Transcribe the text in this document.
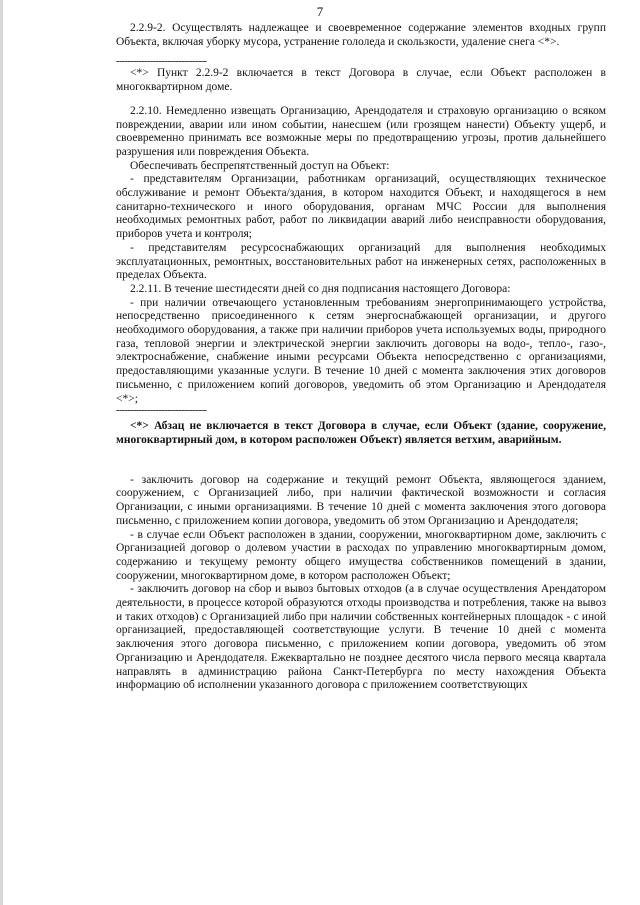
7

2.2.9-2. Осуществлять надлежащее и своевременное содержание элементов входных групп Объекта, включая уборку мусора, устранение гололеда и скользкости, удаление снега <*>.

--------------------------------

<*> Пункт 2.2.9-2 включается в текст Договора в случае, если Объект расположен в многоквартирном доме.

2.2.10. Немедленно извещать Организацию, Арендодателя и страховую организацию о всяком повреждении, аварии или ином событии, нанесшем (или грозящем нанести) Объекту ущерб, и своевременно принимать все возможные меры по предотвращению угрозы, против дальнейшего разрушения или повреждения Объекта.

Обеспечивать беспрепятственный доступ на Объект:

- представителям Организации, работникам организаций, осуществляющих техническое обслуживание и ремонт Объекта/здания, в котором находится Объект, и находящегося в нем санитарно-технического и иного оборудования, органам МЧС России для выполнения необходимых ремонтных работ, работ по ликвидации аварий либо неисправности оборудования, приборов учета и контроля;

- представителям ресурсоснабжающих организаций для выполнения необходимых эксплуатационных, ремонтных, восстановительных работ на инженерных сетях, расположенных в пределах Объекта.

2.2.11. В течение шестидесяти дней со дня подписания настоящего Договора:

- при наличии отвечающего установленным требованиям энергопринимающего устройства, непосредственно присоединенного к сетям энергоснабжающей организации, и другого необходимого оборудования, а также при наличии приборов учета используемых воды, природного газа, тепловой энергии и электрической энергии заключить договоры на водо-, тепло-, газо-, электроснабжение, снабжение иными ресурсами Объекта непосредственно с организациями, предоставляющими указанные услуги. В течение 10 дней с момента заключения этих договоров письменно, с приложением копий договоров, уведомить об этом Организацию и Арендодателя <*>;

--------------------------------

<*> Абзац не включается в текст Договора в случае, если Объект (здание, сооружение, многоквартирный дом, в котором расположен Объект) является ветхим, аварийным.

- заключить договор на содержание и текущий ремонт Объекта, являющегося зданием, сооружением, с Организацией либо, при наличии фактической возможности и согласия Организации, с иными организациями. В течение 10 дней с момента заключения этого договора письменно, с приложением копии договора, уведомить об этом Организацию и Арендодателя;

- в случае если Объект расположен в здании, сооружении, многоквартирном доме, заключить с Организацией договор о долевом участии в расходах по управлению многоквартирным домом, содержанию и текущему ремонту общего имущества собственников помещений в здании, сооружении, многоквартирном доме, в котором расположен Объект;

- заключить договор на сбор и вывоз бытовых отходов (а в случае осуществления Арендатором деятельности, в процессе которой образуются отходы производства и потребления, также на вывоз и таких отходов) с Организацией либо при наличии собственных контейнерных площадок - с иной организацией, предоставляющей соответствующие услуги. В течение 10 дней с момента заключения этого договора письменно, с приложением копии договора, уведомить об этом Организацию и Арендодателя. Ежеквартально не позднее десятого числа первого месяца квартала направлять в администрацию района Санкт-Петербурга по месту нахождения Объекта информацию об исполнении указанного договора с приложением соответствующих
